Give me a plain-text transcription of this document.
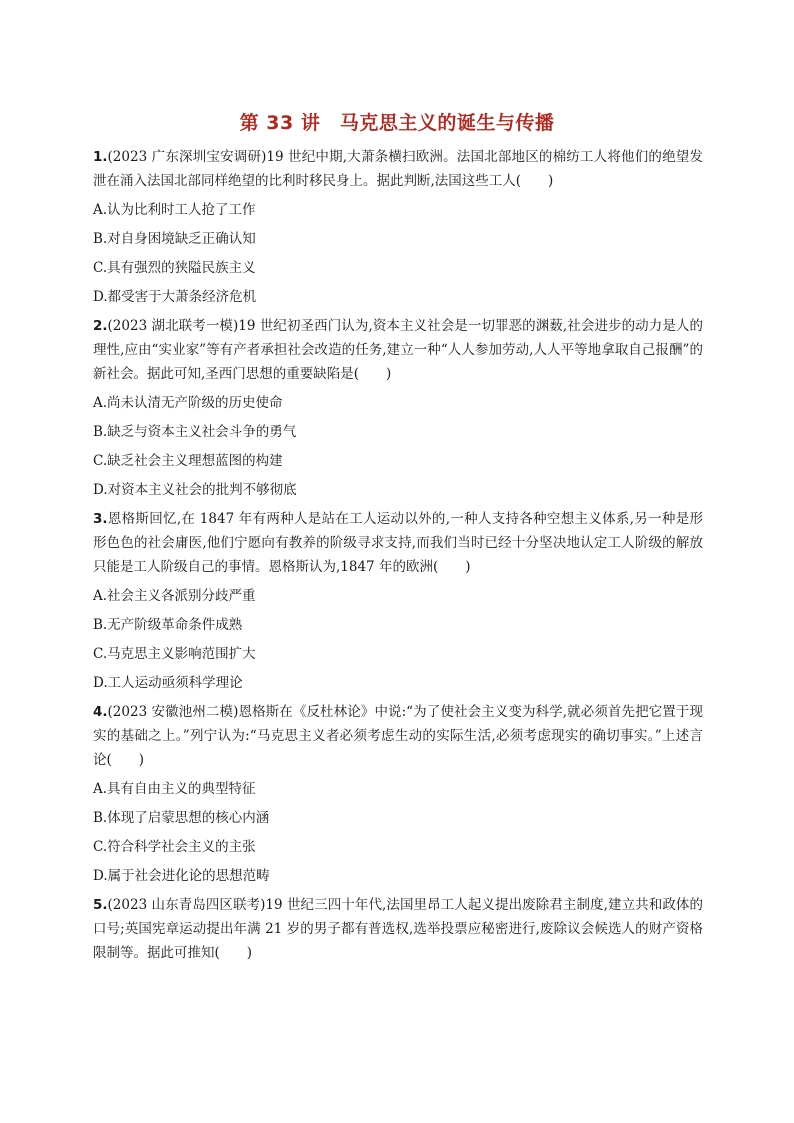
第 33 讲　马克思主义的诞生与传播

1.(2023 广东深圳宝安调研)19 世纪中期,大萧条横扫欧洲。法国北部地区的棉纺工人将他们的绝望发泄在涌入法国北部同样绝望的比利时移民身上。据此判断,法国这些工人(　　)

A.认为比利时工人抢了工作

B.对自身困境缺乏正确认知

C.具有强烈的狭隘民族主义

D.都受害于大萧条经济危机

2.(2023 湖北联考一模)19 世纪初圣西门认为,资本主义社会是一切罪恶的渊薮,社会进步的动力是人的理性,应由“实业家”等有产者承担社会改造的任务,建立一种“人人参加劳动,人人平等地拿取自己报酬”的新社会。据此可知,圣西门思想的重要缺陷是(　　)

A.尚未认清无产阶级的历史使命

B.缺乏与资本主义社会斗争的勇气

C.缺乏社会主义理想蓝图的构建

D.对资本主义社会的批判不够彻底

3.恩格斯回忆,在 1847 年有两种人是站在工人运动以外的,一种人支持各种空想主义体系,另一种是形形色色的社会庸医,他们宁愿向有教养的阶级寻求支持,而我们当时已经十分坚决地认定工人阶级的解放只能是工人阶级自己的事情。恩格斯认为,1847 年的欧洲(　　)

A.社会主义各派别分歧严重

B.无产阶级革命条件成熟

C.马克思主义影响范围扩大

D.工人运动亟须科学理论

4.(2023 安徽池州二模)恩格斯在《反杜林论》中说:“为了使社会主义变为科学,就必须首先把它置于现实的基础之上。”列宁认为:“马克思主义者必须考虑生动的实际生活,必须考虑现实的确切事实。”上述言论(　　)

A.具有自由主义的典型特征

B.体现了启蒙思想的核心内涵

C.符合科学社会主义的主张

D.属于社会进化论的思想范畴

5.(2023 山东青岛四区联考)19 世纪三四十年代,法国里昂工人起义提出废除君主制度,建立共和政体的口号;英国宪章运动提出年满 21 岁的男子都有普选权,选举投票应秘密进行,废除议会候选人的财产资格限制等。据此可推知(　　)
